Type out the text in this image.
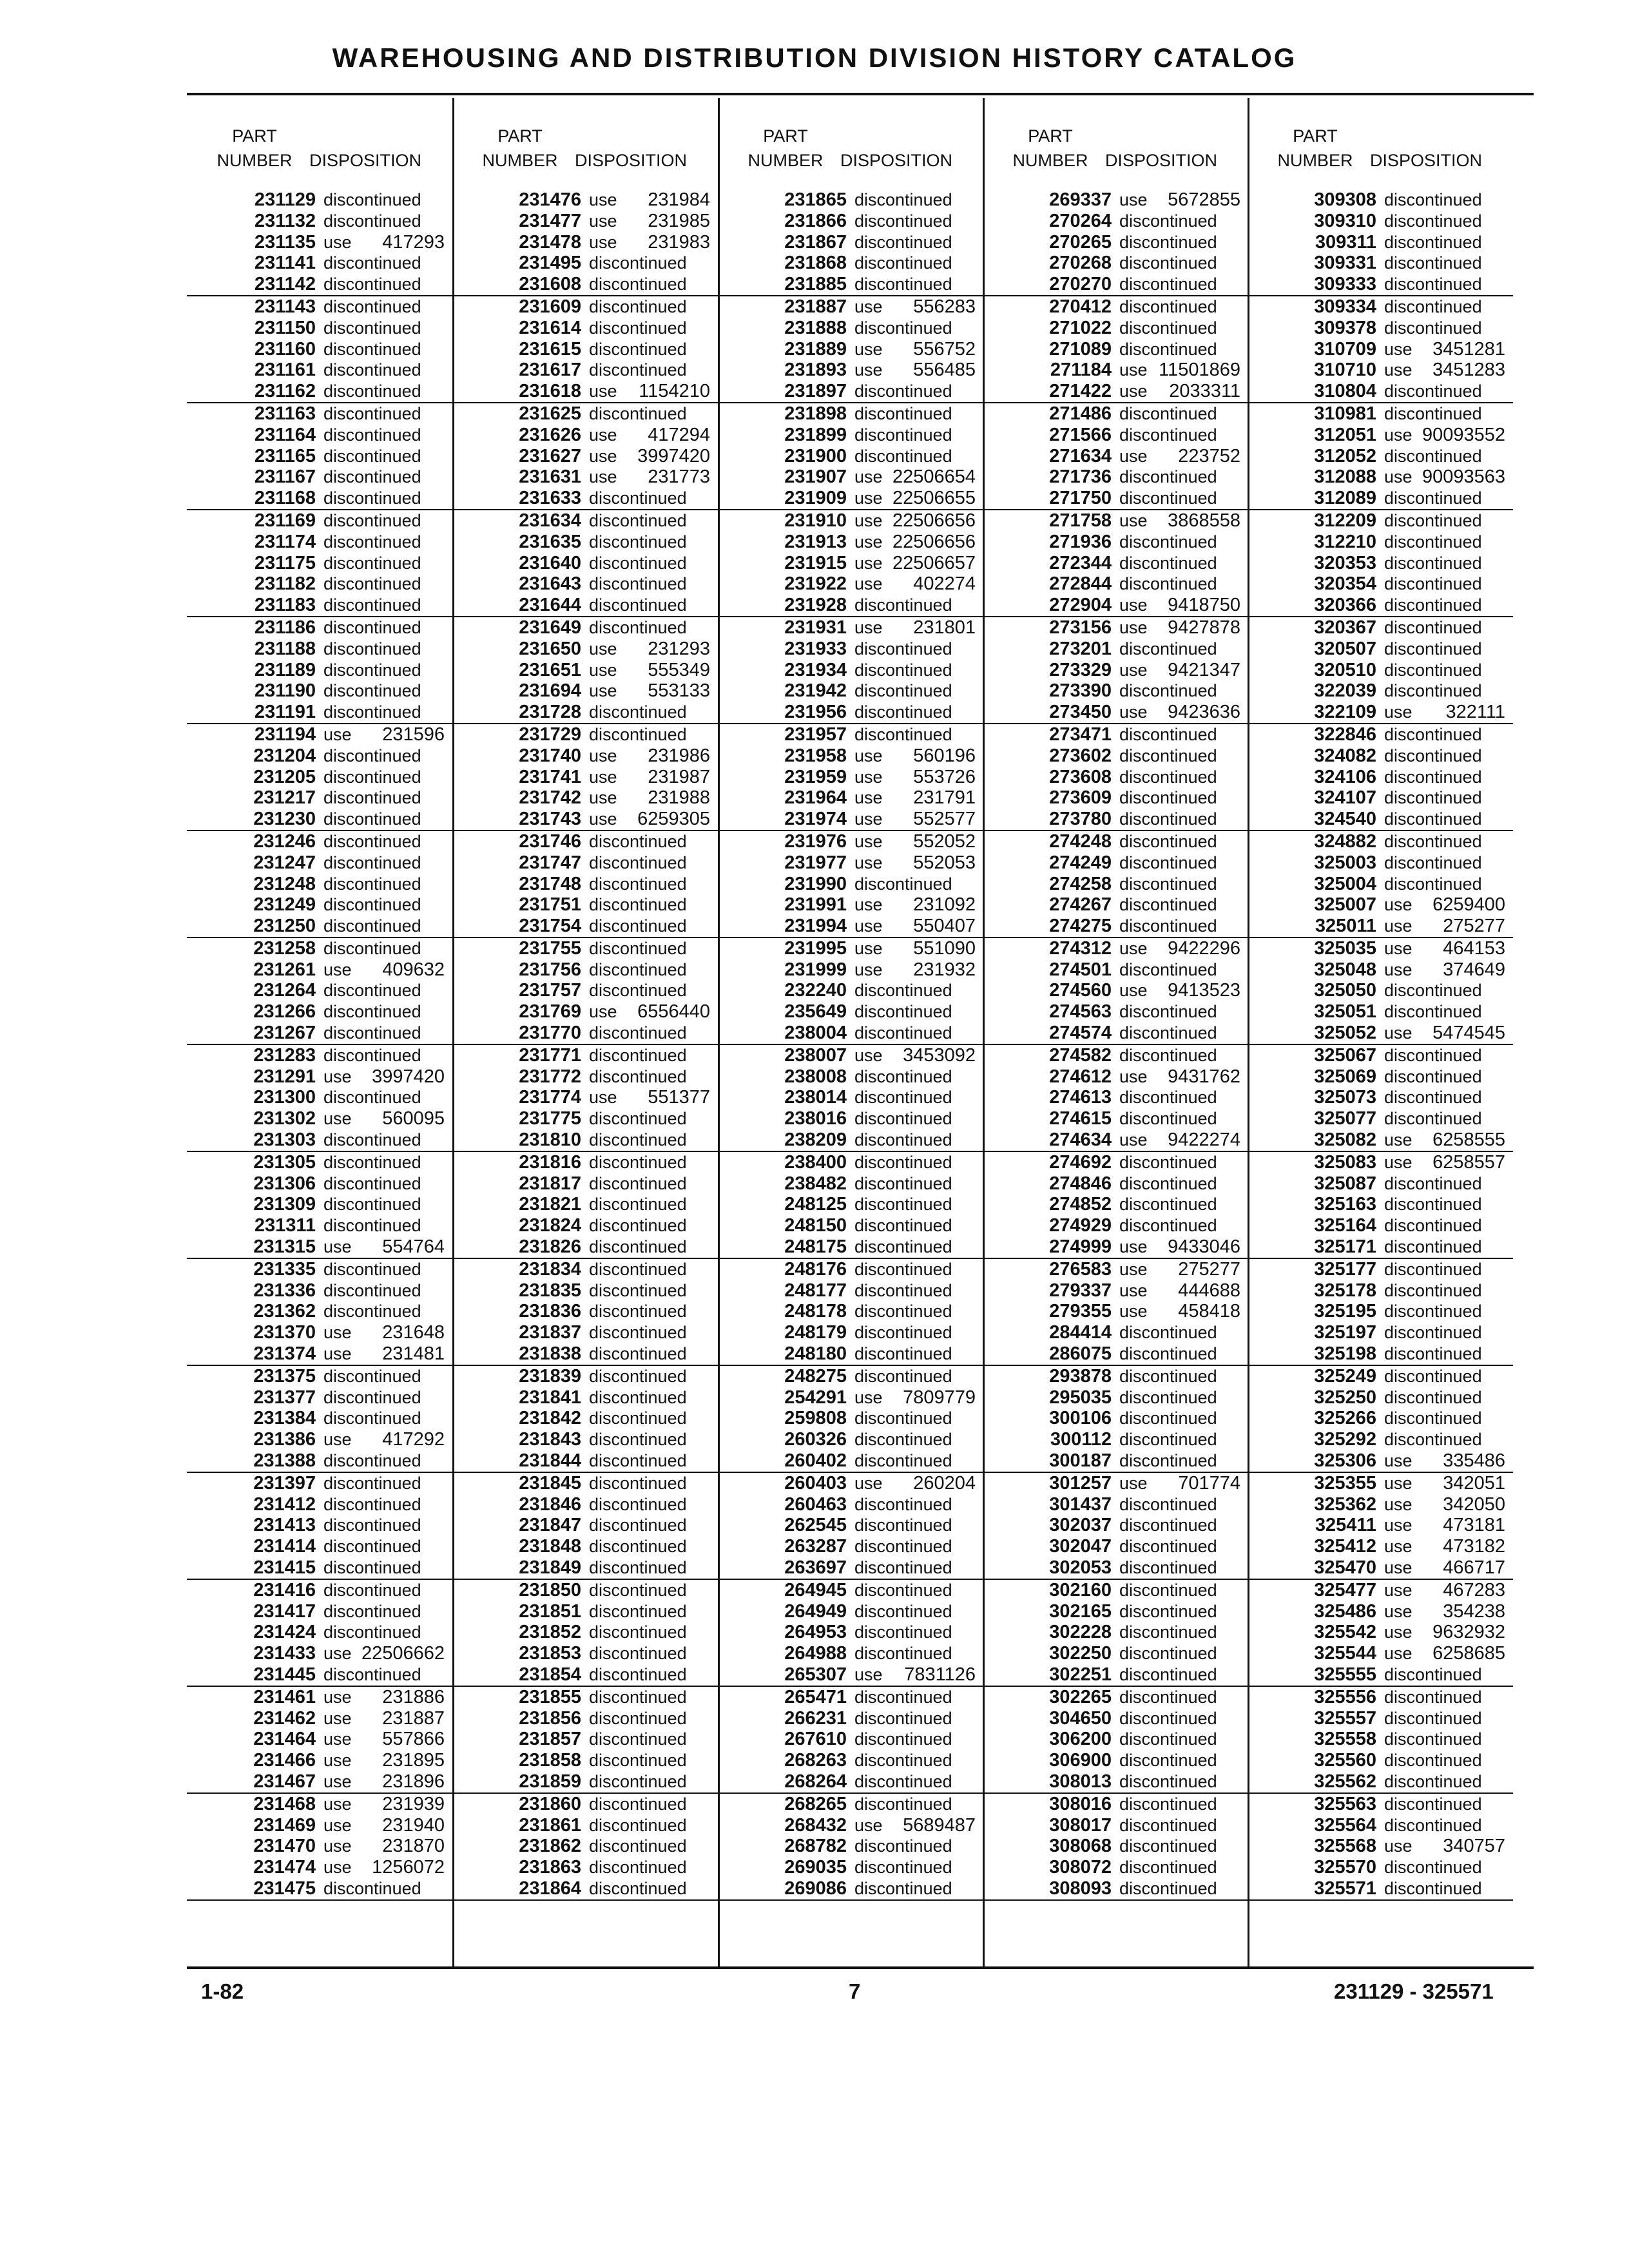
WAREHOUSING AND DISTRIBUTION DIVISION HISTORY CATALOG
PART
NUMBER DISPOSITION
231129 discontinued
231132 discontinued
231135 use	417293
231141 discontinued
231142 discontinued
231143 discontinued
231150 discontinued
231160 discontinued
231161 discontinued
231162 discontinued
231163 discontinued
231164 discontinued
231165 discontinued
231167 discontinued
231168 discontinued
231169 discontinued
231174 discontinued
231175 discontinued
231182 discontinued
231183 discontinued
231186 discontinued
231188 discontinued
231189 discontinued
231190 discontinued
231191 discontinued
231194 use	231596
231204 discontinued
231205 discontinued
231217 discontinued
231230 discontinued
231246 discontinued
231247 discontinued
231248 discontinued
231249 discontinued
231250 discontinued
231258 discontinued
231261 use	409632
231264 discontinued
231266 discontinued
231267 discontinued
231283 discontinued
231291 use	3997420
231300 discontinued
231302 use	560095
231303 discontinued
231305 discontinued
231306 discontinued
231309 discontinued
231311 discontinued
231315 use	554764
231335 discontinued
231336 discontinued
231362 discontinued
231370 use	231648
231374 use	231481
231375 discontinued
231377 discontinued
231384 discontinued
231386 use	417292
231388 discontinued
231397 discontinued
231412 discontinued
231413 discontinued
231414 discontinued
231415 discontinued
231416 discontinued
231417 discontinued
231424 discontinued
231433 use 22506662
231445 discontinued
231461 use	231886
231462 use	231887
231464 use	557866
231466 use	231895
231467 use	231896
231468 use	231939
231469 use	231940
231470 use	231870
231474 use	1256072
231475 discontinued
PART
NUMBER DISPOSITION
231476 use	231984
231477 use	231985
231478 use	231983
231495 discontinued
231608 discontinued
231609 discontinued
231614 discontinued
231615 discontinued
231617 discontinued
231618 use	1154210
231625 discontinued
231626 use	417294
231627 use	3997420
231631 use	231773
231633 discontinued
231634 discontinued
231635 discontinued
231640 discontinued
231643 discontinued
231644 discontinued
231649 discontinued
231650 use	231293
231651 use	555349
231694 use	553133
231728 discontinued
231729 discontinued
231740 use	231986
231741 use	231987
231742 use	231988
231743 use	6259305
231746 discontinued
231747 discontinued
231748 discontinued
231751 discontinued
231754 discontinued
231755 discontinued
231756 discontinued
231757 discontinued
231769 use	6556440
231770 discontinued
231771 discontinued
231772 discontinued
231774 use	551377
231775 discontinued
231810 discontinued
231816 discontinued
231817 discontinued
231821 discontinued
231824 discontinued
231826 discontinued
231834 discontinued
231835 discontinued
231836 discontinued
231837 discontinued
231838 discontinued
231839 discontinued
231841 discontinued
231842 discontinued
231843 discontinued
231844 discontinued
231845 discontinued
231846 discontinued
231847 discontinued
231848 discontinued
231849 discontinued
231850 discontinued
231851 discontinued
231852 discontinued
231853 discontinued
231854 discontinued
231855 discontinued
231856 discontinued
231857 discontinued
231858 discontinued
231859 discontinued
231860 discontinued
231861 discontinued
231862 discontinued
231863 discontinued
231864 discontinued
PART
NUMBER DISPOSITION
231865 discontinued
231866 discontinued
231867 discontinued
231868 discontinued
231885 discontinued
231887 use	556283
231888 discontinued
231889 use	556752
231893 use	556485
231897 discontinued
231898 discontinued
231899 discontinued
231900 discontinued
231907 use 22506654
231909 use 22506655
231910 use 22506656
231913 use 22506656
231915 use 22506657
231922 use	402274
231928 discontinued
231931 use	231801
231933 discontinued
231934 discontinued
231942 discontinued
231956 discontinued
231957 discontinued
231958 use	560196
231959 use	553726
231964 use	231791
231974 use	552577
231976 use	552052
231977 use	552053
231990 discontinued
231991 use	231092
231994 use	550407
231995 use	551090
231999 use	231932
232240 discontinued
235649 discontinued
238004 discontinued
238007 use	3453092
238008 discontinued
238014 discontinued
238016 discontinued
238209 discontinued
238400 discontinued
238482 discontinued
248125 discontinued
248150 discontinued
248175 discontinued
248176 discontinued
248177 discontinued
248178 discontinued
248179 discontinued
248180 discontinued
248275 discontinued
254291 use	7809779
259808 discontinued
260326 discontinued
260402 discontinued
260403 use	260204
260463 discontinued
262545 discontinued
263287 discontinued
263697 discontinued
264945 discontinued
264949 discontinued
264953 discontinued
264988 discontinued
265307 use	7831126
265471 discontinued
266231 discontinued
267610 discontinued
268263 discontinued
268264 discontinued
268265 discontinued
268432 use	5689487
268782 discontinued
269035 discontinued
269086 discontinued
PART
NUMBER DISPOSITION
269337 use	5672855
270264 discontinued
270265 discontinued
270268 discontinued
270270 discontinued
270412 discontinued
271022 discontinued
271089 discontinued
271184 use 11501869
271422 use	2033311
271486 discontinued
271566 discontinued
271634 use	223752
271736 discontinued
271750 discontinued
271758 use	3868558
271936 discontinued
272344 discontinued
272844 discontinued
272904 use	9418750
273156 use	9427878
273201 discontinued
273329 use	9421347
273390 discontinued
273450 use	9423636
273471 discontinued
273602 discontinued
273608 discontinued
273609 discontinued
273780 discontinued
274248 discontinued
274249 discontinued
274258 discontinued
274267 discontinued
274275 discontinued
274312 use	9422296
274501 discontinued
274560 use	9413523
274563 discontinued
274574 discontinued
274582 discontinued
274612 use	9431762
274613 discontinued
274615 discontinued
274634 use	9422274
274692 discontinued
274846 discontinued
274852 discontinued
274929 discontinued
274999 use	9433046
276583 use	275277
279337 use	444688
279355 use	458418
284414 discontinued
286075 discontinued
293878 discontinued
295035 discontinued
300106 discontinued
300112 discontinued
300187 discontinued
301257 use	701774
301437 discontinued
302037 discontinued
302047 discontinued
302053 discontinued
302160 discontinued
302165 discontinued
302228 discontinued
302250 discontinued
302251 discontinued
302265 discontinued
304650 discontinued
306200 discontinued
306900 discontinued
308013 discontinued
308016 discontinued
308017 discontinued
308068 discontinued
308072 discontinued
308093 discontinued
PART
NUMBER DISPOSITION
309308 discontinued
309310 discontinued
309311 discontinued
309331 discontinued
309333 discontinued
309334 discontinued
309378 discontinued
310709 use	3451281
310710 use	3451283
310804 discontinued
310981 discontinued
312051 use 90093552
312052 discontinued
312088 use 90093563
312089 discontinued
312209 discontinued
312210 discontinued
320353 discontinued
320354 discontinued
320366 discontinued
320367 discontinued
320507 discontinued
320510 discontinued
322039 discontinued
322109 use	322111
322846 discontinued
324082 discontinued
324106 discontinued
324107 discontinued
324540 discontinued
324882 discontinued
325003 discontinued
325004 discontinued
325007 use	6259400
325011 use	275277
325035 use	464153
325048 use	374649
325050 discontinued
325051 discontinued
325052 use	5474545
325067 discontinued
325069 discontinued
325073 discontinued
325077 discontinued
325082 use	6258555
325083 use	6258557
325087 discontinued
325163 discontinued
325164 discontinued
325171 discontinued
325177 discontinued
325178 discontinued
325195 discontinued
325197 discontinued
325198 discontinued
325249 discontinued
325250 discontinued
325266 discontinued
325292 discontinued
325306 use	335486
325355 use	342051
325362 use	342050
325411 use	473181
325412 use	473182
325470 use	466717
325477 use	467283
325486 use	354238
325542 use	9632932
325544 use	6258685
325555 discontinued
325556 discontinued
325557 discontinued
325558 discontinued
325560 discontinued
325562 discontinued
325563 discontinued
325564 discontinued
325568 use	340757
325570 discontinued
325571 discontinued
1-82	7	231129 - 325571
